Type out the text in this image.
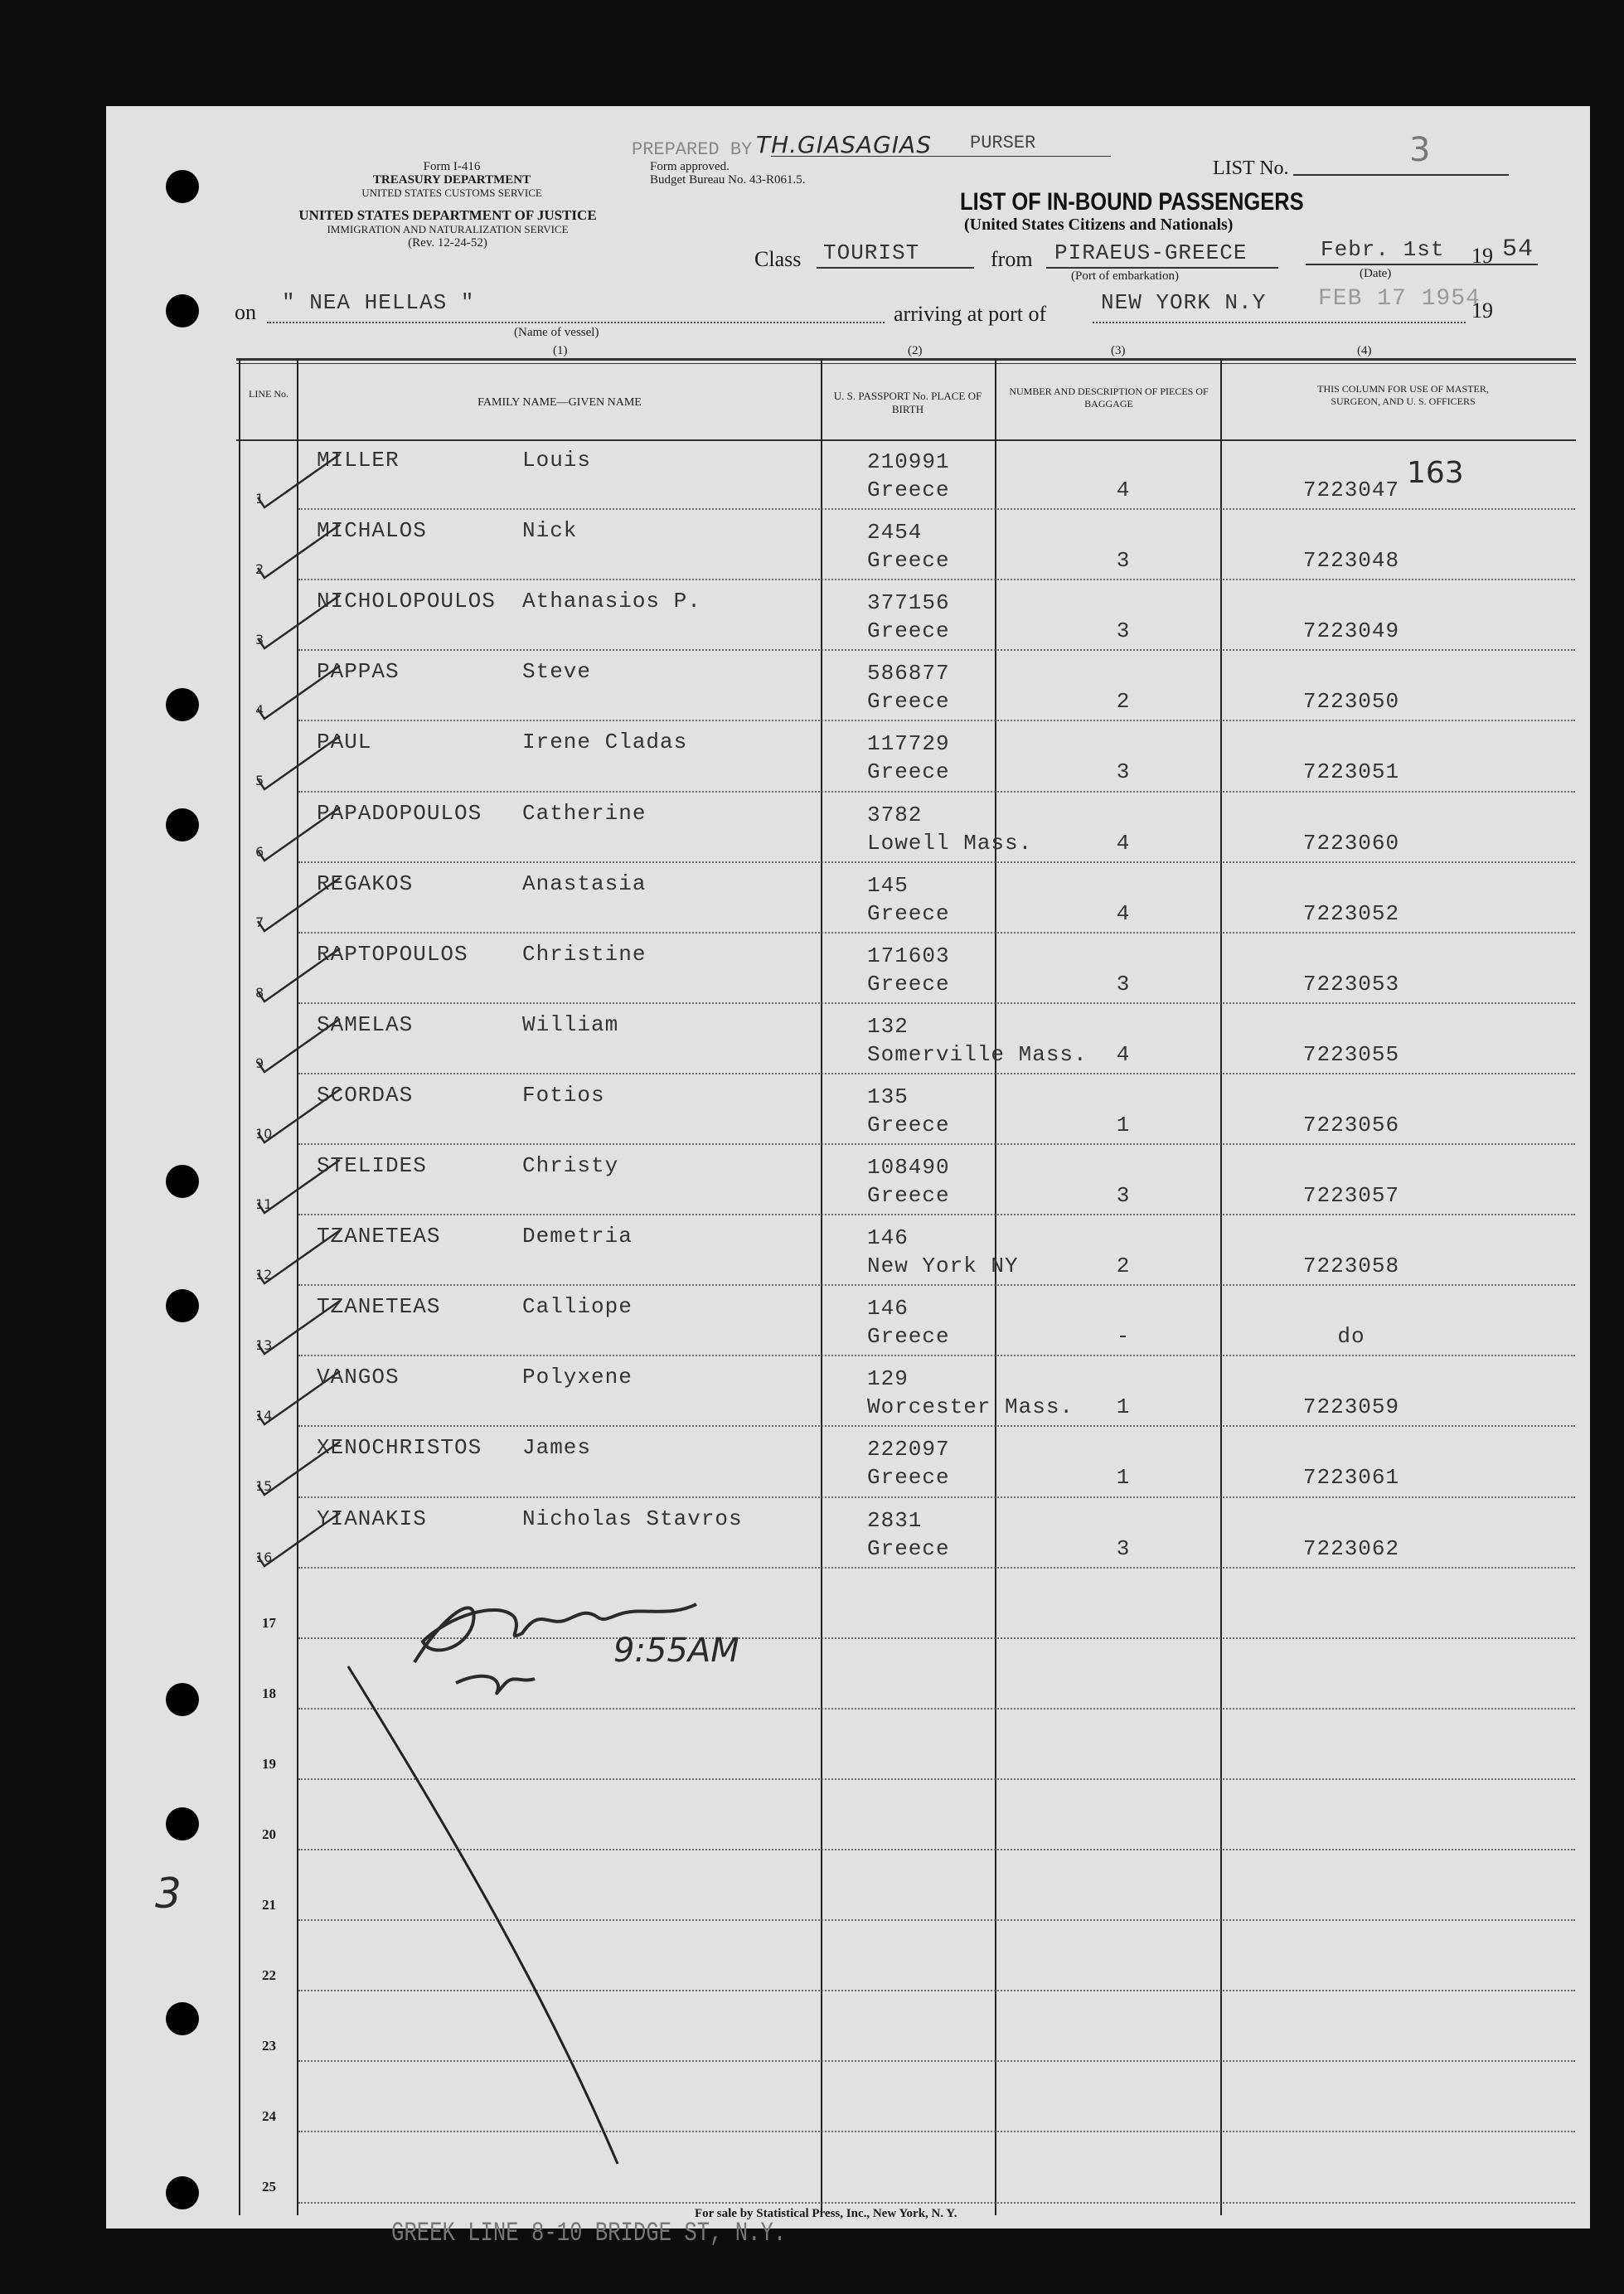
Form I-416
TREASURY DEPARTMENT
UNITED STATES CUSTOMS SERVICE
UNITED STATES DEPARTMENT OF JUSTICE
IMMIGRATION AND NATURALIZATION SERVICE
(Rev. 12-24-52)
PREPARED BY TH.GIASAGIAS PURSER
Form approved.
Budget Bureau No. 43-R061.5.
LIST No.	3
LIST OF IN-BOUND PASSENGERS
(United States Citizens and Nationals)
Class TOURIST	from PIRAEUS-GREECE
(Port of embarkation)
Febr. 1st 19 54
(Date)
on " NEA HELLAS "
(Name of vessel)
arriving at port of	NEW YORK N.Y FEB 17 1954
19
(1)	(2)	(3)	(4)
LINE No.
FAMILY NAME—GIVEN NAME
U. S. PASSPORT No. PLACE OF BIRTH
NUMBER AND DESCRIPTION OF PIECES OF BAGGAGE
THIS COLUMN FOR USE OF MASTER, SURGEON, AND U. S. OFFICERS
1
MILLER	Louis	210991
Greece	4	7223047
2
MICHALOS	Nick	2454
Greece	3	7223048
3
NICHOLOPOULOS Athanasios P.	377156
Greece	3	7223049
4
PAPPAS	Steve	586877
Greece	2	7223050
5
PAUL	Irene Cladas	117729
Greece	3	7223051
6
PAPADOPOULOS Catherine	3782
Lowell Mass.	4	7223060
7
REGAKOS	Anastasia	145
Greece	4	7223052
8
RAPTOPOULOS	Christine	171603
Greece	3	7223053
9
SAMELAS	William	132
Somerville Mass.	4	7223055
10
SCORDAS	Fotios	135
Greece	1	7223056
11
STELIDES	Christy	108490
Greece	3	7223057
12
TZANETEAS	Demetria	146
New York NY	2	7223058
13
TZANETEAS	Calliope	146
Greece	-	do
14
VANGOS	Polyxene	129
Worcester Mass.	1	7223059
15
XENOCHRISTOS James	222097
Greece	1	7223061
16
YIANAKIS	Nicholas Stavros	2831
Greece	3	7223062
17
18
19
20
21
22
23
24
25
163
3
9:55AM
For sale by Statistical Press, Inc., New York, N. Y.
GREEK LINE 8-10 BRIDGE ST, N.Y.
